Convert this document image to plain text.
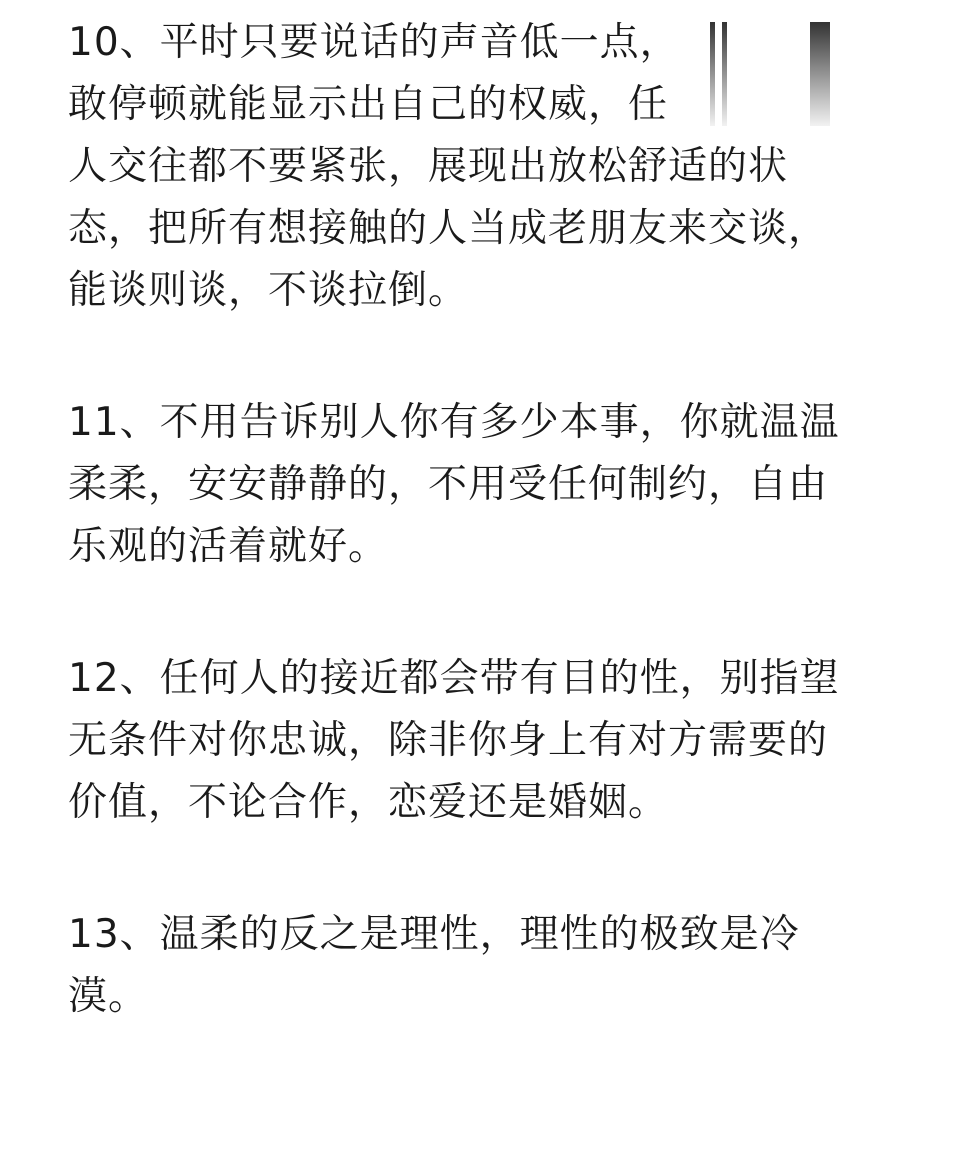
10、平时只要说话的声音低一点，
敢停顿就能显示出自己的权威，任
人交往都不要紧张，展现出放松舒适的状
态，把所有想接触的人当成老朋友来交谈，
能谈则谈，不谈拉倒。
11、不用告诉别人你有多少本事，你就温温
柔柔，安安静静的，不用受任何制约，自由
乐观的活着就好。
12、任何人的接近都会带有目的性，别指望
无条件对你忠诚，除非你身上有对方需要的
价值，不论合作，恋爱还是婚姻。
13、温柔的反之是理性，理性的极致是冷
漠。
